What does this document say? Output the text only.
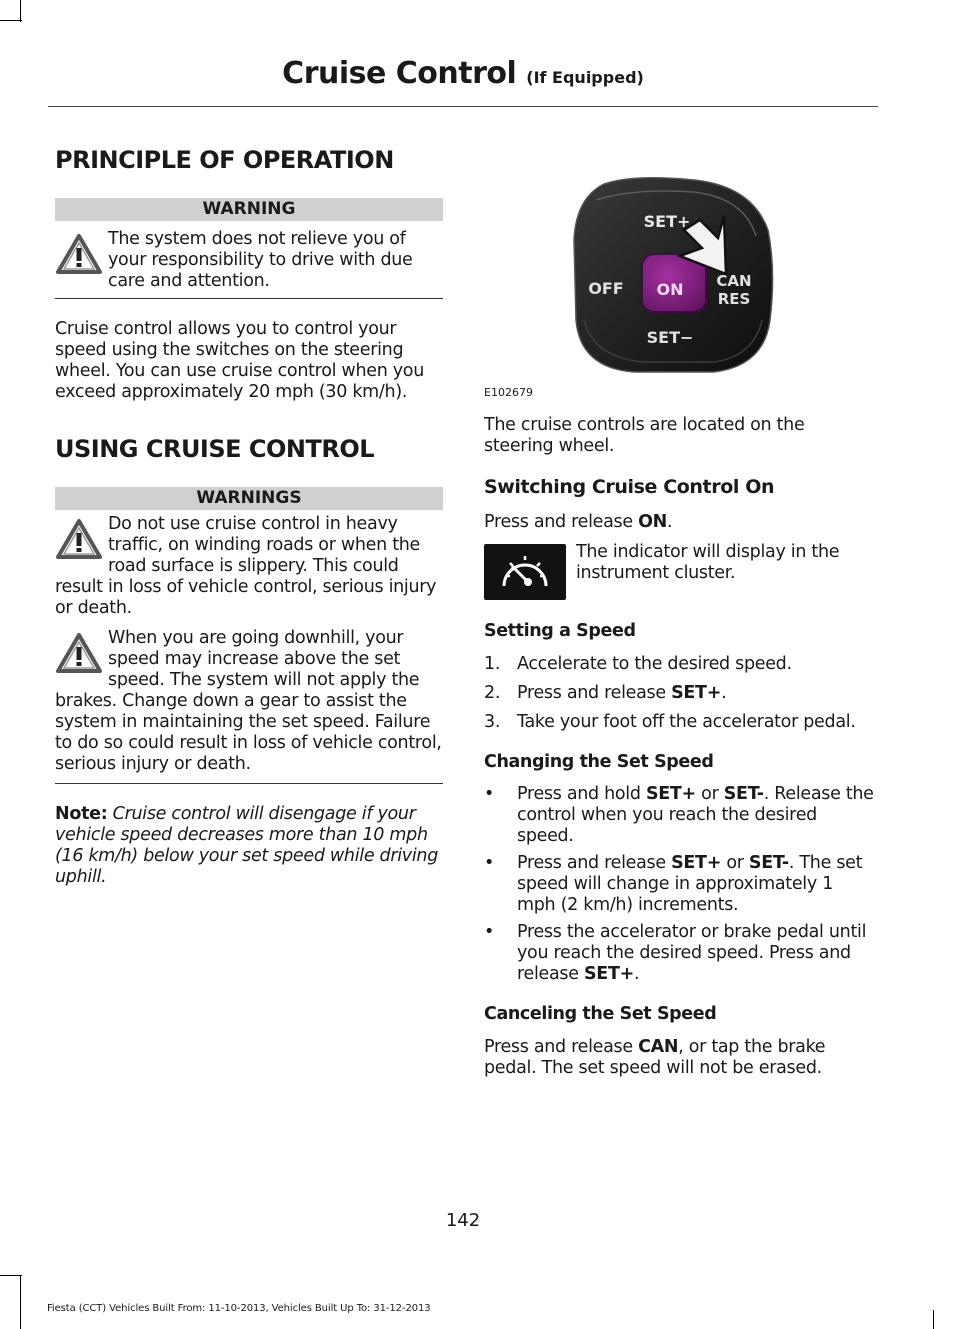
Cruise Control (If Equipped)
PRINCIPLE OF OPERATION
WARNING

The system does not relieve you of your responsibility to drive with due care and attention.

Cruise control allows you to control your speed using the switches on the steering wheel. You can use cruise control when you exceed approximately 20 mph (30 km/h).

USING CRUISE CONTROL
WARNINGS

Do not use cruise control in heavy traffic, on winding roads or when the road surface is slippery. This could result in loss of vehicle control, serious injury or death.

When you are going downhill, your speed may increase above the set speed. The system will not apply the brakes. Change down a gear to assist the system in maintaining the set speed. Failure to do so could result in loss of vehicle control, serious injury or death.

Note: Cruise control will disengage if your vehicle speed decreases more than 10 mph (16 km/h) below your set speed while driving uphill.

SET+
OFF ON CAN
RES
SET−
E102679

The cruise controls are located on the steering wheel.

Switching Cruise Control On

Press and release ON.

The indicator will display in the instrument cluster.

Setting a Speed
1. Accelerate to the desired speed.
2. Press and release SET+.
3. Take your foot off the accelerator pedal.
Changing the Set Speed
• Press and hold SET+ or SET-. Release the control when you reach the desired speed.
• Press and release SET+ or SET-. The set speed will change in approximately 1 mph (2 km/h) increments.
• Press the accelerator or brake pedal until you reach the desired speed. Press and release SET+.
Canceling the Set Speed

Press and release CAN, or tap the brake pedal. The set speed will not be erased.

142
Fiesta (CCT) Vehicles Built From: 11-10-2013, Vehicles Built Up To: 31-12-2013
